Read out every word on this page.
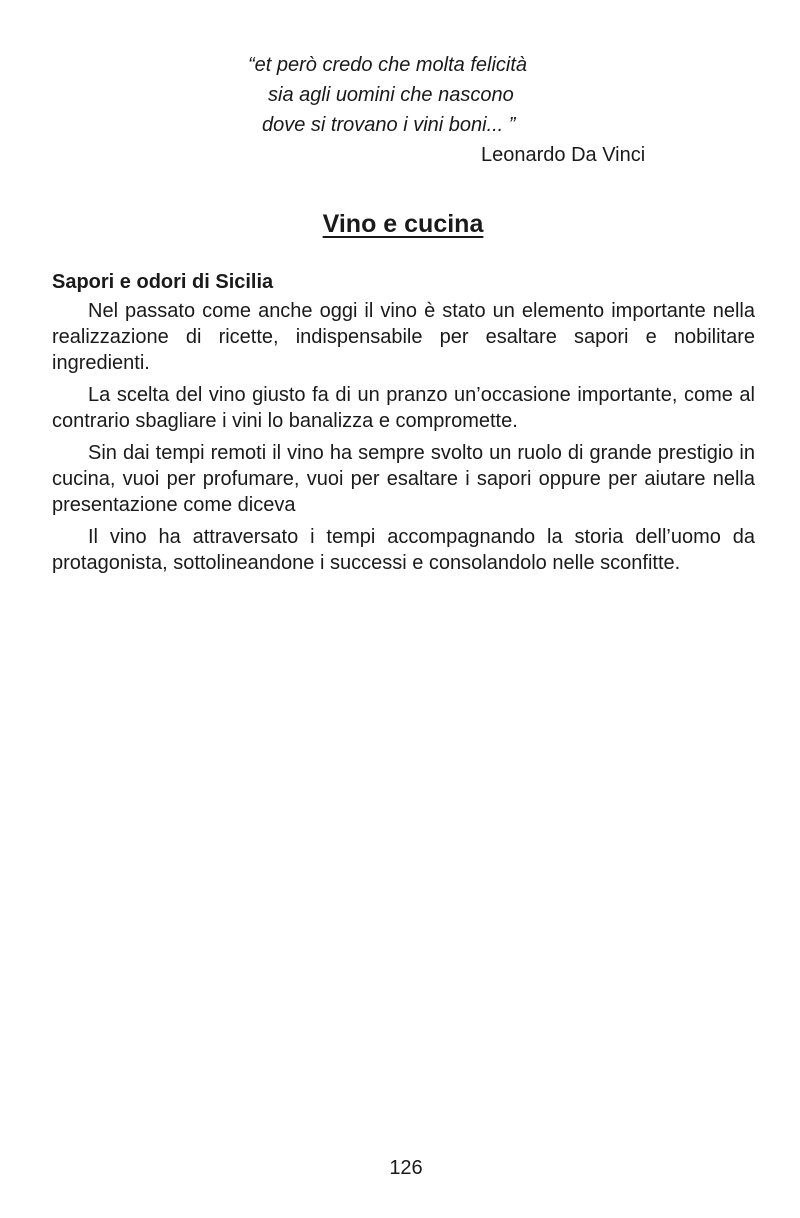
“et però credo che molta felicità
sia agli uomini che nascono
dove si trovano i vini boni... ”
Leonardo Da Vinci
Vino e cucina
Sapori e odori di Sicilia

Nel passato come anche oggi il vino è stato un elemento importante nella realizzazione di ricette, indispensabile per esaltare sapori e nobilitare ingredienti.

La scelta del vino giusto fa di un pranzo un’occasione importante, come al contrario sbagliare i vini lo banalizza e compromette.

Sin dai tempi remoti il vino ha sempre svolto un ruolo di grande prestigio in cucina, vuoi per profumare, vuoi per esaltare i sapori oppure per aiutare nella presentazione come diceva

Il vino ha attraversato i tempi accompagnando la storia dell’uomo da protagonista, sottolineandone i successi e consolandolo nelle sconfitte.

126
